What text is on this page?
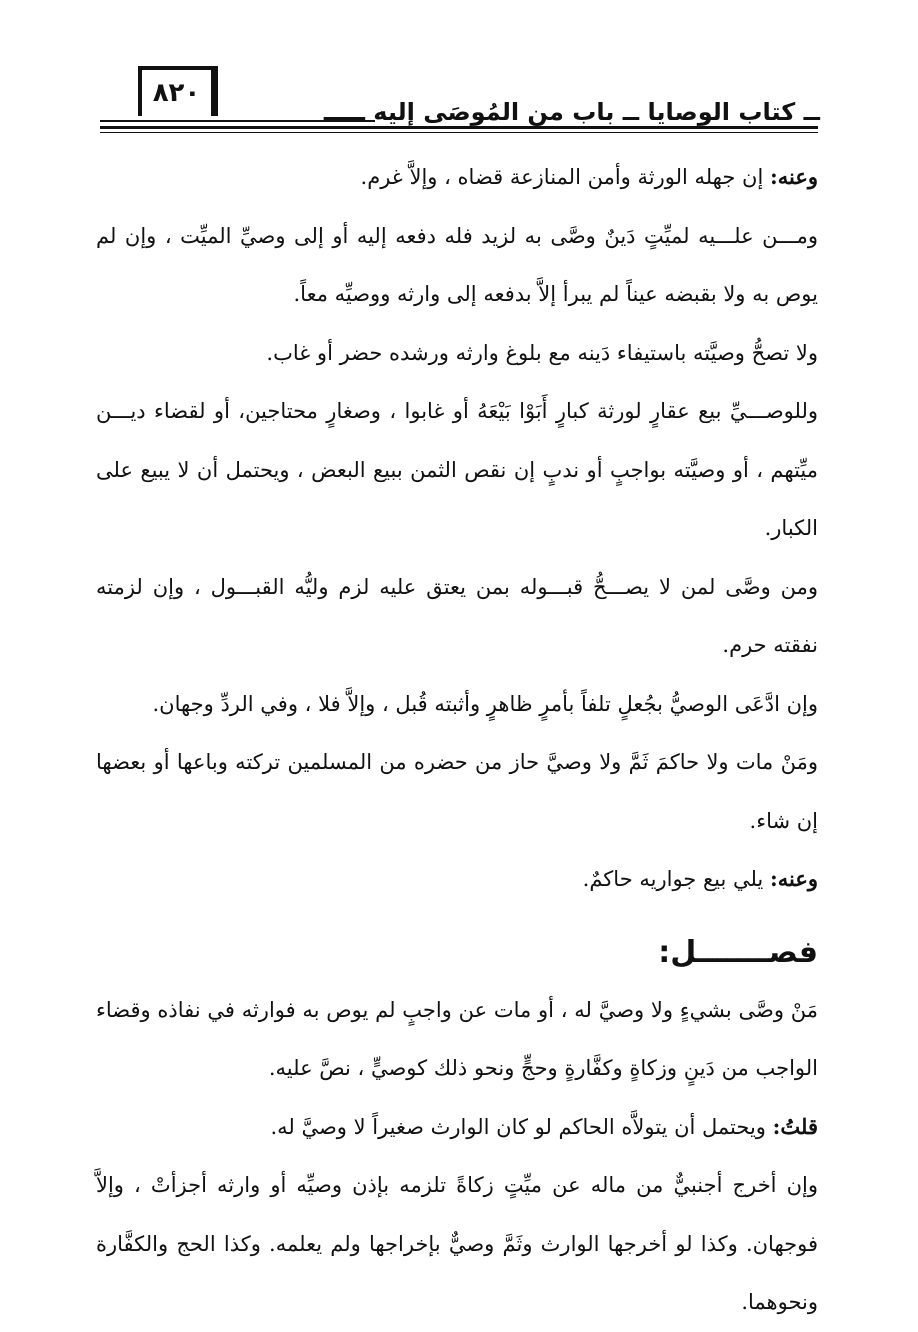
٨٢٠
ــ كتاب الوصايا ــ باب من المُوصَى إليه ـــــ

وعنه: إن جهله الورثة وأمن المنازعة قضاه ، وإلاَّ غرم.

ومـــن علـــيه لميِّتٍ دَينٌ وصَّى به لزيد فله دفعه إليه أو إلى وصيِّ الميِّت ، وإن لم يوص به ولا بقبضه عيناً لم يبرأ إلاَّ بدفعه إلى وارثه ووصيِّه معاً.

ولا تصحُّ وصيَّته باستيفاء دَينه مع بلوغ وارثه ورشده حضر أو غاب.

وللوصـــيِّ بيع عقارٍ لورثة كبارٍ أَبَوْا بَيْعَهُ أو غابوا ، وصغارٍ محتاجين، أو لقضاء ديـــن ميِّتهم ، أو وصيَّته بواجبٍ أو ندبٍ إن نقص الثمن ببيع البعض ، ويحتمل أن لا يبيع على الكبار.

ومن وصَّى لمن لا يصـــحُّ قبـــوله بمن يعتق عليه لزم وليُّه القبـــول ، وإن لزمته نفقته حرم.

وإن ادَّعَى الوصيُّ بجُعلٍ تلفاً بأمرٍ ظاهرٍ وأثبته قُبل ، وإلاَّ فلا ، وفي الردِّ وجهان.

ومَنْ مات ولا حاكمَ ثَمَّ ولا وصيَّ حاز من حضره من المسلمين تركته وباعها أو بعضها إن شاء.

وعنه: يلي بيع جواريه حاكمٌ.

فصـــــــل:

مَنْ وصَّى بشيءٍ ولا وصيَّ له ، أو مات عن واجبٍ لم يوص به فوارثه في نفاذه وقضاء الواجب من دَينٍ وزكاةٍ وكفَّارةٍ وحجٍّ ونحو ذلك كوصيٍّ ، نصَّ عليه.

قلتُ: ويحتمل أن يتولاَّه الحاكم لو كان الوارث صغيراً لا وصيَّ له.

وإن أخرج أجنبيٌّ من ماله عن ميِّتٍ زكاةً تلزمه بإذن وصيِّه أو وارثه أجزأتْ ، وإلاَّ فوجهان. وكذا لو أخرجها الوارث وثَمَّ وصيٌّ بإخراجها ولم يعلمه. وكذا الحج والكفَّارة ونحوهما.
